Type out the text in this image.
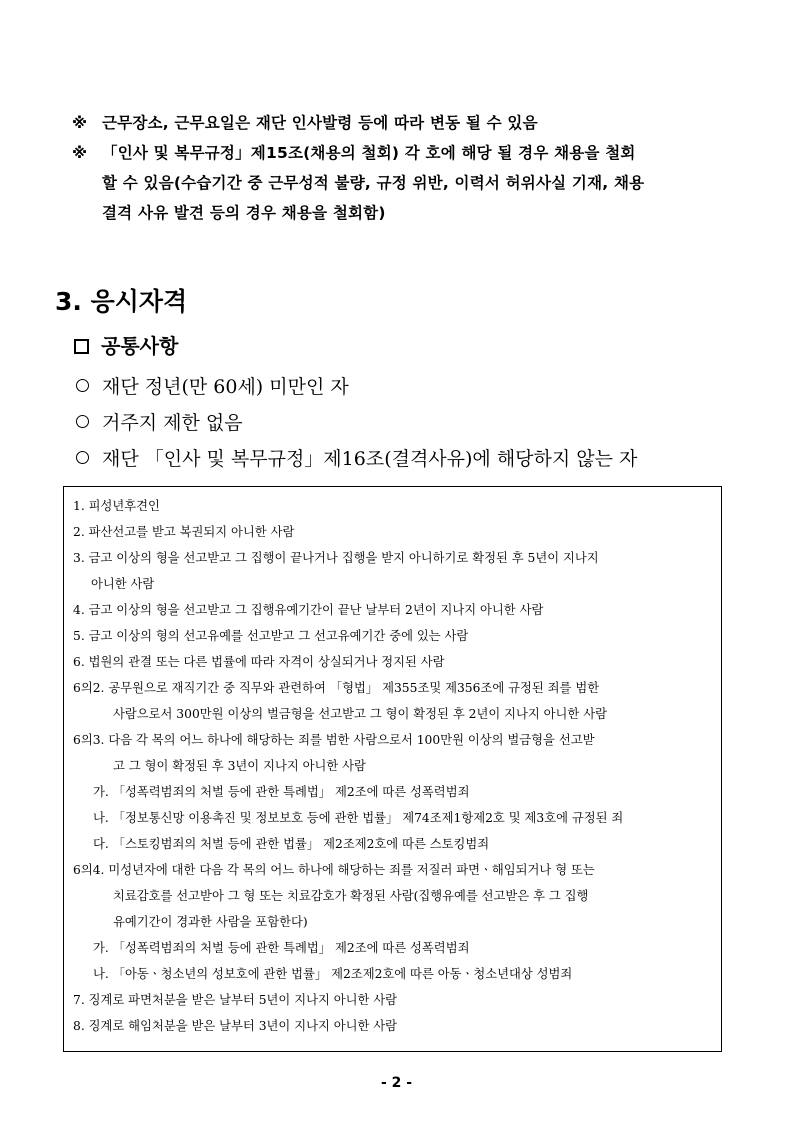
※ 근무장소, 근무요일은 재단 인사발령 등에 따라 변동 될 수 있음
※ 「인사 및 복무규정」제15조(채용의 철회) 각 호에 해당 될 경우 채용을 철회
할 수 있음(수습기간 중 근무성적 불량, 규정 위반, 이력서 허위사실 기재, 채용
결격 사유 발견 등의 경우 채용을 철회함)
3. 응시자격
공통사항
재단 정년(만 60세) 미만인 자
거주지 제한 없음
재단 「인사 및 복무규정」제16조(결격사유)에 해당하지 않는 자
1. 피성년후견인
2. 파산선고를 받고 복권되지 아니한 사람
3. 금고 이상의 형을 선고받고 그 집행이 끝나거나 집행을 받지 아니하기로 확정된 후 5년이 지나지
아니한 사람
4. 금고 이상의 형을 선고받고 그 집행유예기간이 끝난 날부터 2년이 지나지 아니한 사람
5. 금고 이상의 형의 선고유예를 선고받고 그 선고유예기간 중에 있는 사람
6. 법원의 관결 또는 다른 법률에 따라 자격이 상실되거나 정지된 사람
6의2. 공무원으로 재직기간 중 직무와 관련하여 「형법」 제355조및 제356조에 규정된 죄를 범한
사람으로서 300만원 이상의 벌금형을 선고받고 그 형이 확정된 후 2년이 지나지 아니한 사람
6의3. 다음 각 목의 어느 하나에 해당하는 죄를 범한 사람으로서 100만원 이상의 벌금형을 선고받
고 그 형이 확정된 후 3년이 지나지 아니한 사람
가. 「성폭력범죄의 처벌 등에 관한 특례법」 제2조에 따른 성폭력범죄
나. 「정보통신망 이용촉진 및 정보보호 등에 관한 법률」 제74조제1항제2호 및 제3호에 규정된 죄
다. 「스토킹범죄의 처벌 등에 관한 법률」 제2조제2호에 따른 스토킹범죄
6의4. 미성년자에 대한 다음 각 목의 어느 하나에 해당하는 죄를 저질러 파면ㆍ해임되거나 형 또는
치료감호를 선고받아 그 형 또는 치료감호가 확정된 사람(집행유예를 선고받은 후 그 집행
유예기간이 경과한 사람을 포함한다)
가. 「성폭력범죄의 처벌 등에 관한 특례법」 제2조에 따른 성폭력범죄
나. 「아동ㆍ청소년의 성보호에 관한 법률」 제2조제2호에 따른 아동ㆍ청소년대상 성범죄
7. 징계로 파면처분을 받은 날부터 5년이 지나지 아니한 사람
8. 징계로 해임처분을 받은 날부터 3년이 지나지 아니한 사람
- 2 -
